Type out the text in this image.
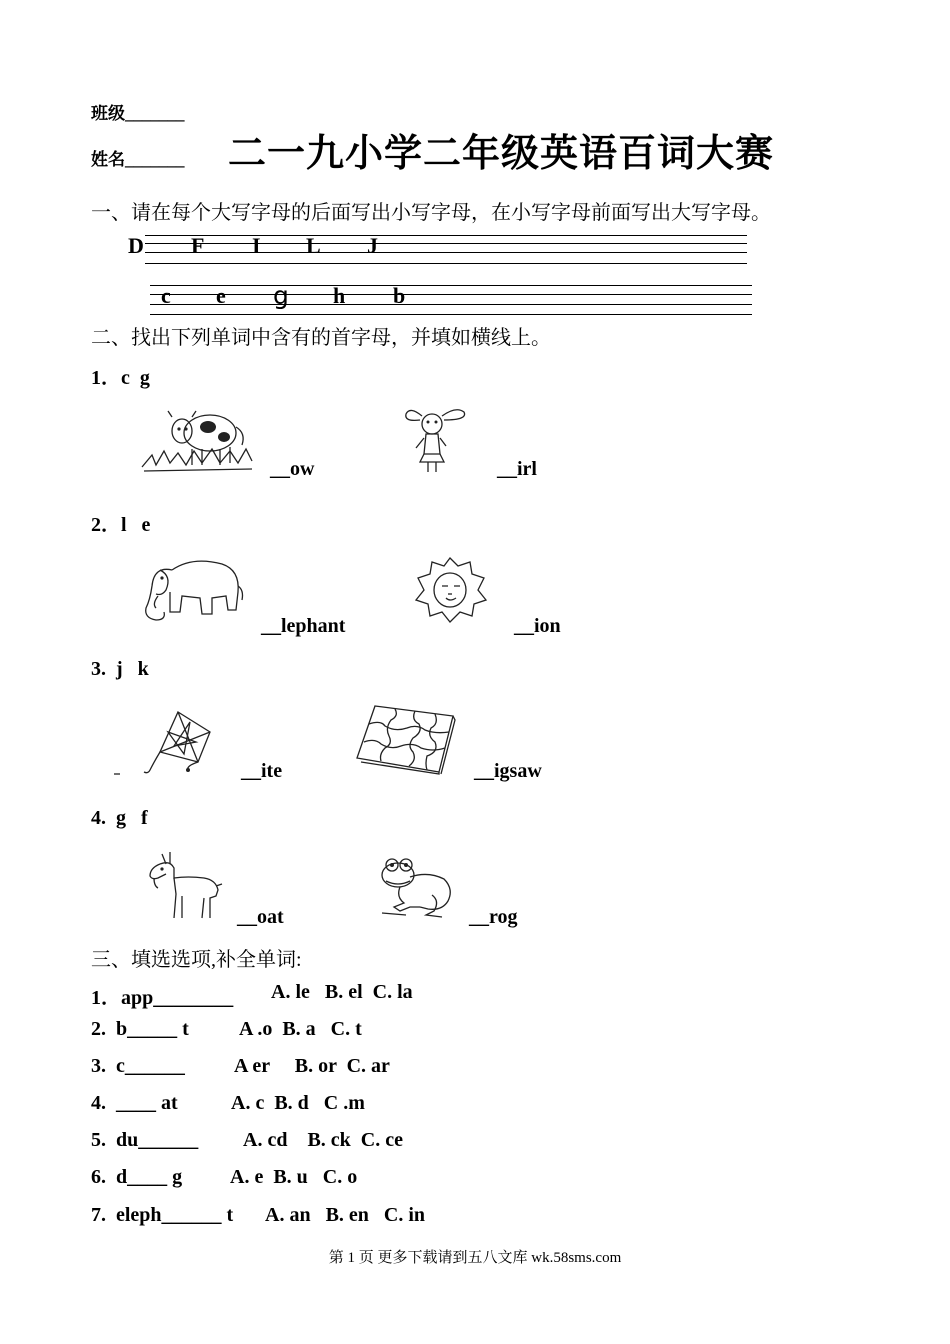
班级_______
姓名_______ 二一九小学二年级英语百词大赛
一、请在每个大写字母的后面写出小写字母，在小写字母前面写出大写字母。
D F I L J
c e g h b
二、找出下列单词中含有的首字母，并填如横线上。
1．c  g
__ow	__irl
2．l   e
__lephant	__ion
3.  j   k
__ite	__igsaw
4.  g   f
__oat	__rog
三、填选选项,补全单词:
1．app________ A. le   B. el  C. la
2.  b_____ t	A .o  B. a   C. t
3.  c______ A er     B. or  C. ar
4.  ____ at	A. c  B. d   C .m
5.  du______ A. cd    B. ck  C. ce
6.  d____ g A. e  B. u   C. o
7.  eleph______ t A. an   B. en   C. in
第 1 页 更多下载请到五八文库 wk.58sms.com
